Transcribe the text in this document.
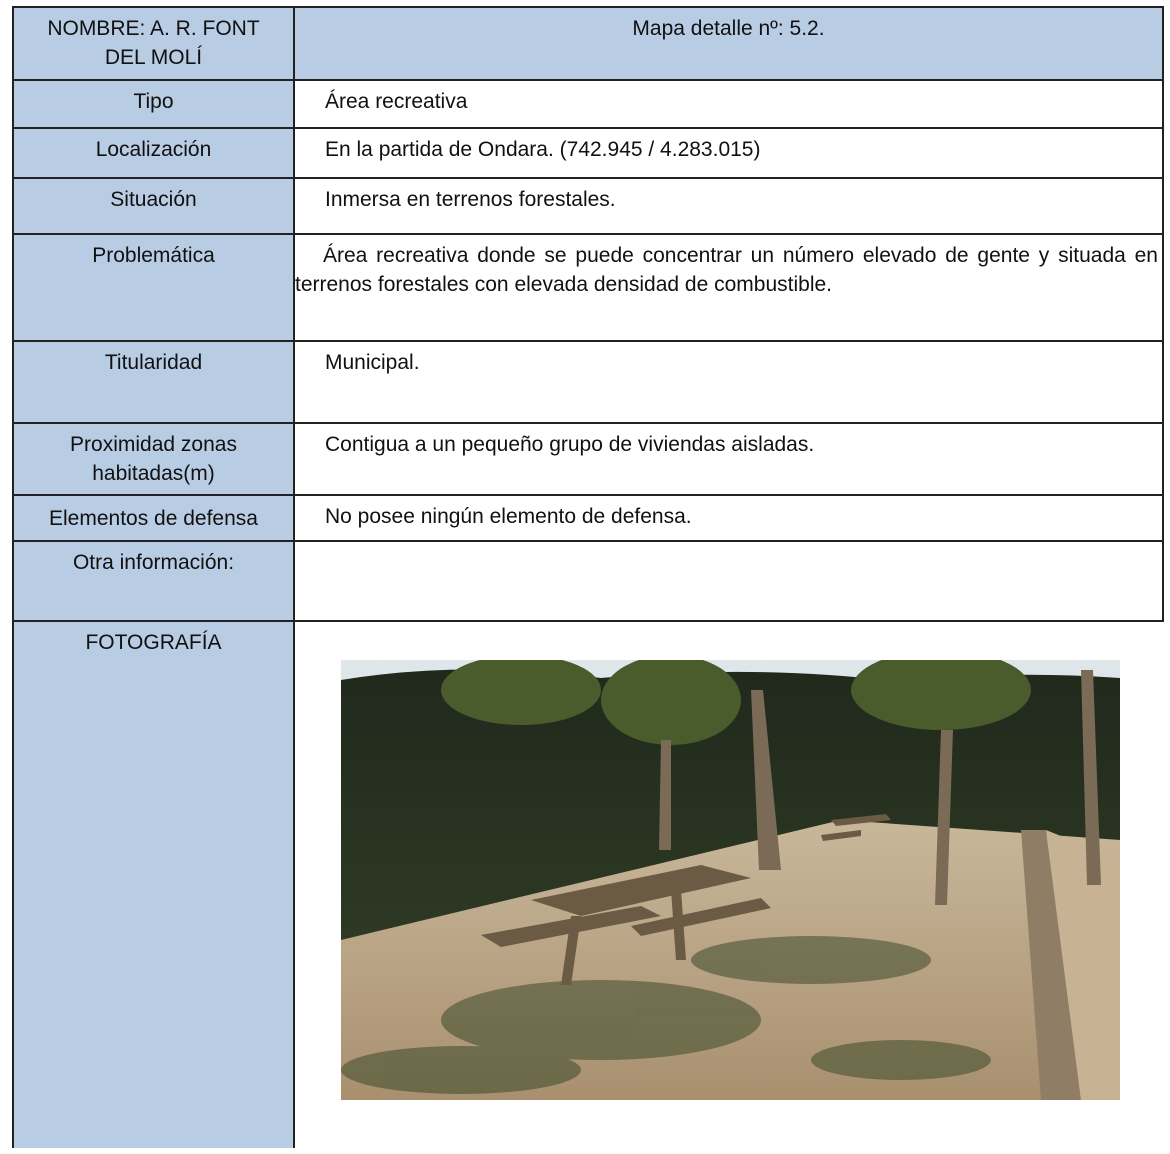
NOMBRE: A. R. FONT
DEL MOLÍ	Mapa detalle nº: 5.2.
Tipo	Área recreativa
Localización	En la partida de Ondara. (742.945 / 4.283.015)
Situación	Inmersa en terrenos forestales.
Problemática	Área recreativa donde se puede concentrar un número elevado de gente y situada en terrenos forestales con elevada densidad de combustible.
Titularidad	Municipal.

Proximidad zonas
habitadas(m)	Contigua a un pequeño grupo de viviendas aisladas.
Elementos de defensa	No posee ningún elemento de defensa.
Otra información:	
FOTOGRAFÍA	
